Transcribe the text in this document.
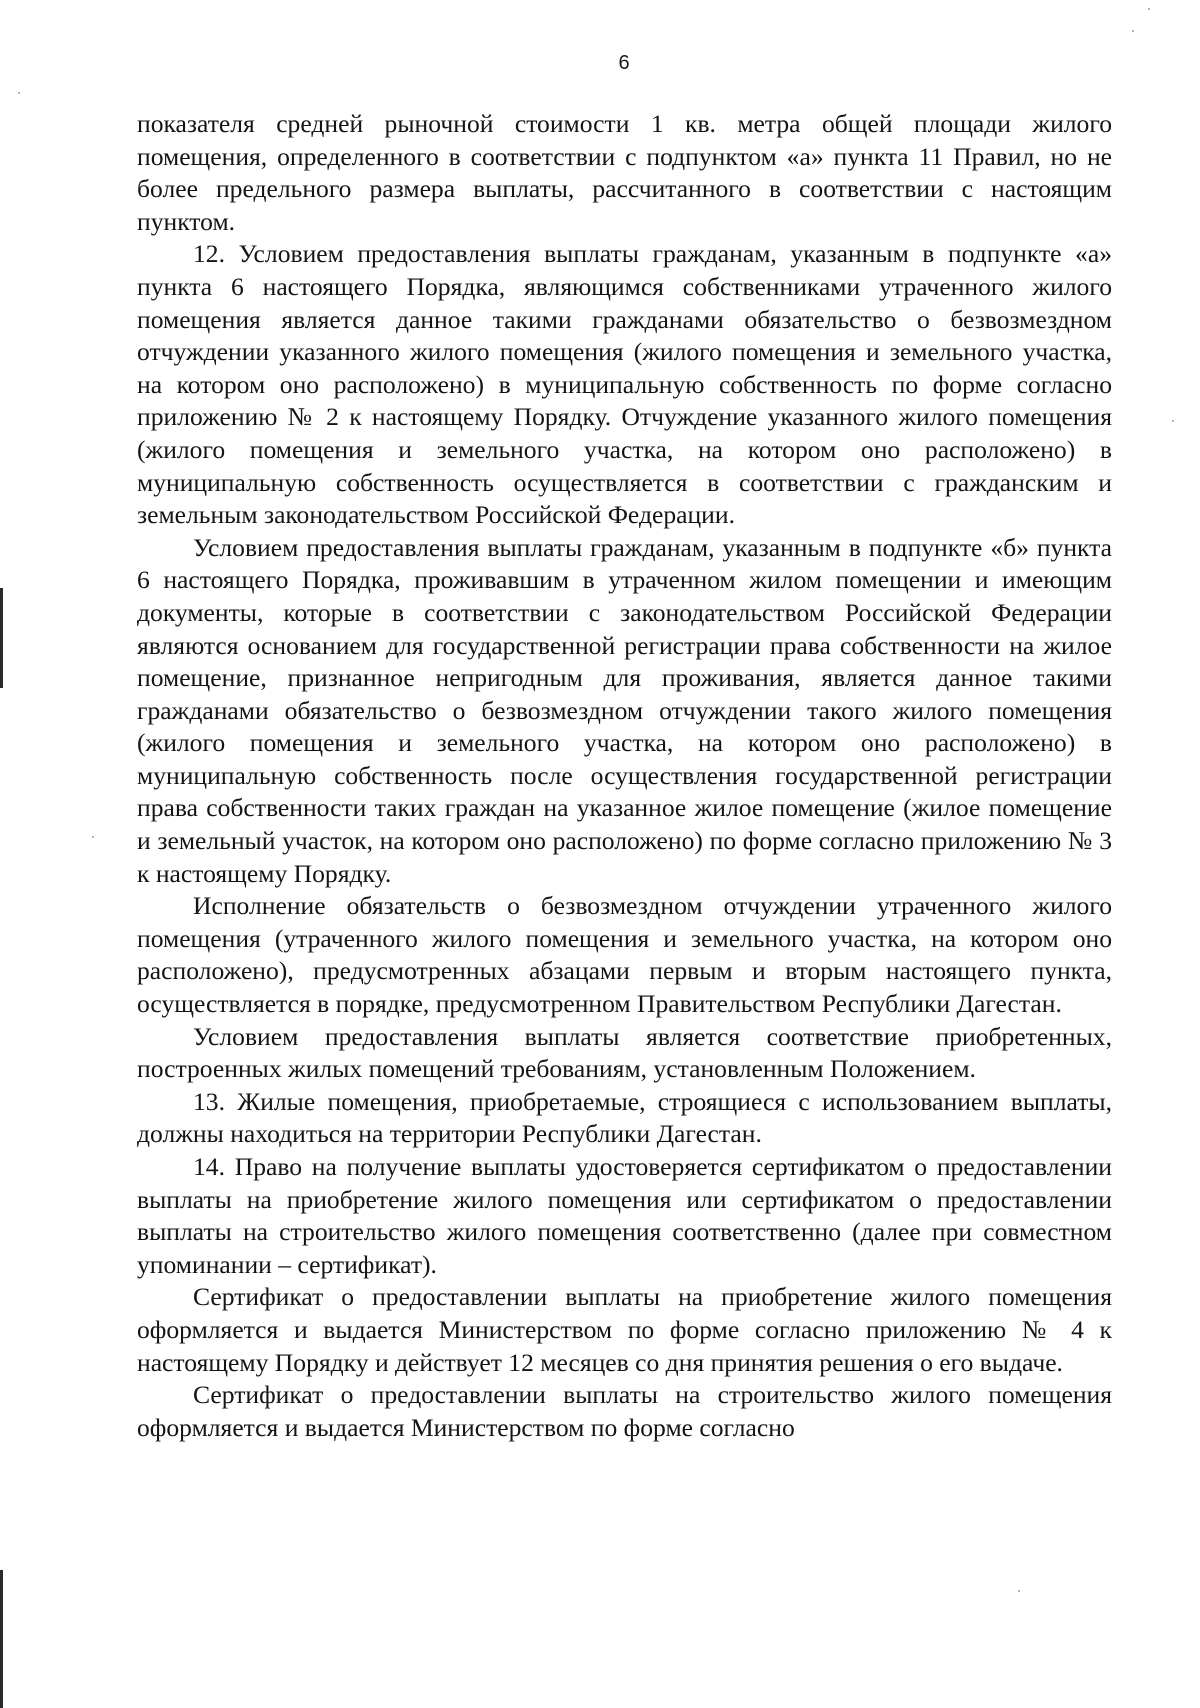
6

показателя средней рыночной стоимости 1 кв. метра общей площади жилого помещения, определенного в соответствии с подпунктом «а» пункта 11 Правил, но не более предельного размера выплаты, рассчитанного в соответствии с настоящим пунктом.

12. Условием предоставления выплаты гражданам, указанным в подпункте «а» пункта 6 настоящего Порядка, являющимся собственниками утраченного жилого помещения является данное такими гражданами обязательство о безвозмездном отчуждении указанного жилого помещения (жилого помещения и земельного участка, на котором оно расположено) в муниципальную собственность по форме согласно приложению № 2 к настоящему Порядку. Отчуждение указанного жилого помещения (жилого помещения и земельного участка, на котором оно расположено) в муниципальную собственность осуществляется в соответствии с гражданским и земельным законодательством Российской Федерации.

Условием предоставления выплаты гражданам, указанным в подпункте «б» пункта 6 настоящего Порядка, проживавшим в утраченном жилом помещении и имеющим документы, которые в соответствии с законодательством Российской Федерации являются основанием для государственной регистрации права собственности на жилое помещение, признанное непригодным для проживания, является данное такими гражданами обязательство о безвозмездном отчуждении такого жилого помещения (жилого помещения и земельного участка, на котором оно расположено) в муниципальную собственность после осуществления государственной регистрации права собственности таких граждан на указанное жилое помещение (жилое помещение и земельный участок, на котором оно расположено) по форме согласно приложению № 3 к настоящему Порядку.

Исполнение обязательств о безвозмездном отчуждении утраченного жилого помещения (утраченного жилого помещения и земельного участка, на котором оно расположено), предусмотренных абзацами первым и вторым настоящего пункта, осуществляется в порядке, предусмотренном Правительством Республики Дагестан.

Условием предоставления выплаты является соответствие приобретенных, построенных жилых помещений требованиям, установленным Положением.

13. Жилые помещения, приобретаемые, строящиеся с использованием выплаты, должны находиться на территории Республики Дагестан.

14. Право на получение выплаты удостоверяется сертификатом о предоставлении выплаты на приобретение жилого помещения или сертификатом о предоставлении выплаты на строительство жилого помещения соответственно (далее при совместном упоминании – сертификат).

Сертификат о предоставлении выплаты на приобретение жилого помещения оформляется и выдается Министерством по форме согласно приложению № 4 к настоящему Порядку и действует 12 месяцев со дня принятия решения о его выдаче.

Сертификат о предоставлении выплаты на строительство жилого помещения оформляется и выдается Министерством по форме согласно
